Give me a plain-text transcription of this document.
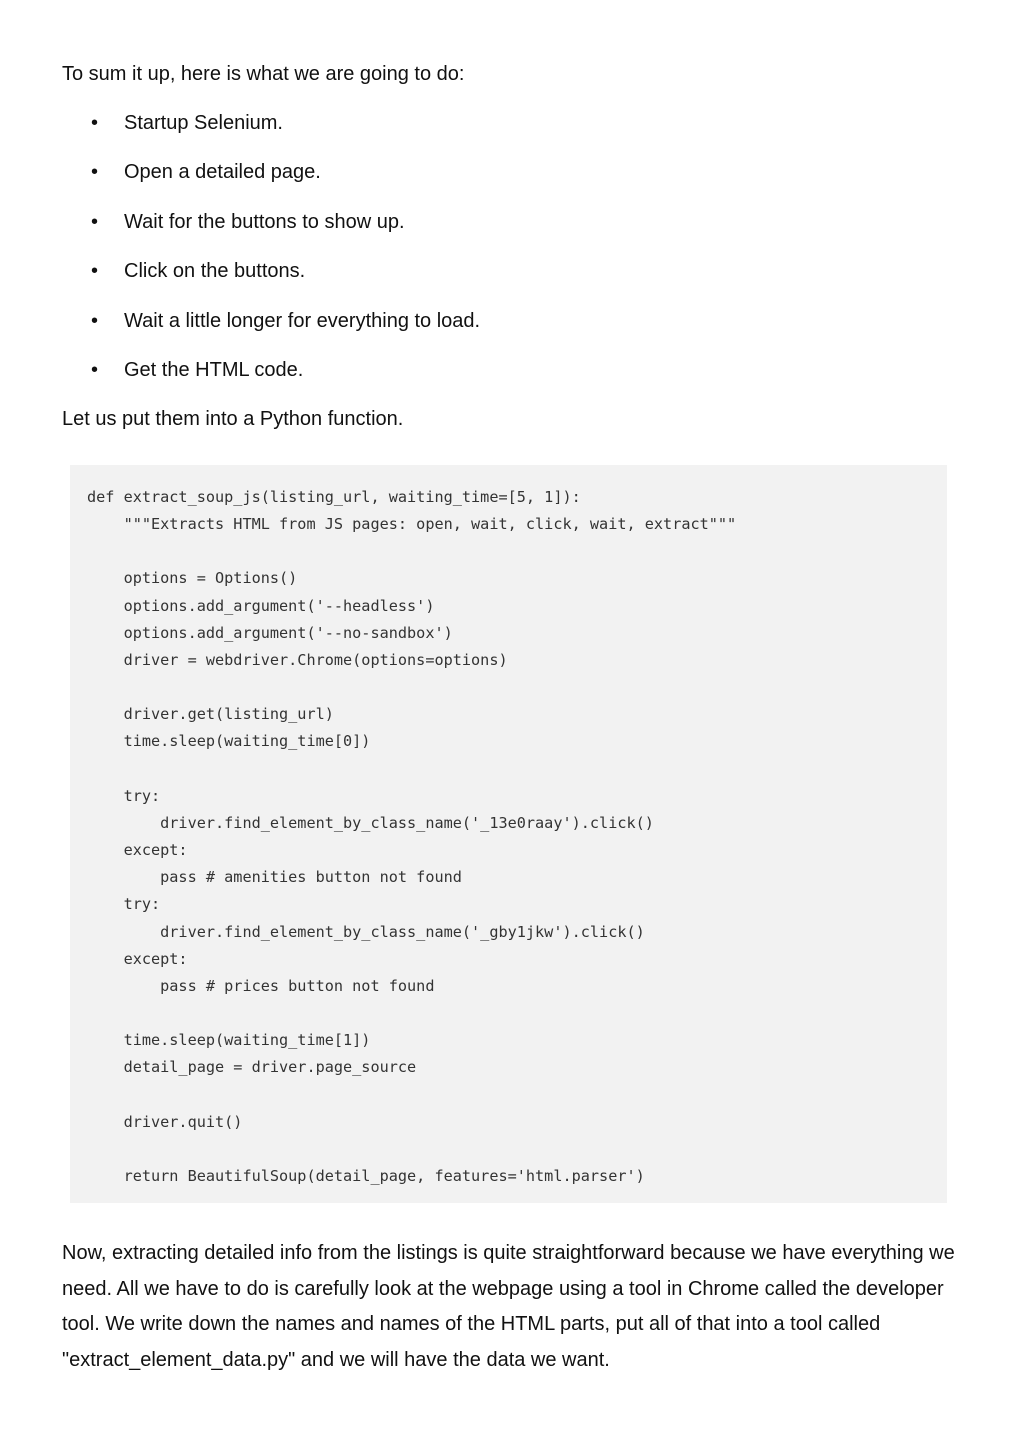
To sum it up, here is what we are going to do:

• Startup Selenium.
• Open a detailed page.
• Wait for the buttons to show up.
• Click on the buttons.
• Wait a little longer for everything to load.
• Get the HTML code.

Let us put them into a Python function.

def extract_soup_js(listing_url, waiting_time=[5, 1]):
"""Extracts HTML from JS pages: open, wait, click, wait, extract"""

options = Options()
options.add_argument('--headless')
options.add_argument('--no-sandbox')
driver = webdriver.Chrome(options=options)

driver.get(listing_url)
time.sleep(waiting_time[0])

try:
driver.find_element_by_class_name('_13e0raay').click()
except:
pass # amenities button not found
try:
driver.find_element_by_class_name('_gby1jkw').click()
except:
pass # prices button not found

time.sleep(waiting_time[1])
detail_page = driver.page_source

driver.quit()

return BeautifulSoup(detail_page, features='html.parser')

Now, extracting detailed info from the listings is quite straightforward because we have everything we need. All we have to do is carefully look at the webpage using a tool in Chrome called the developer tool. We write down the names and names of the HTML parts, put all of that into a tool called "extract_element_data.py" and we will have the data we want.
